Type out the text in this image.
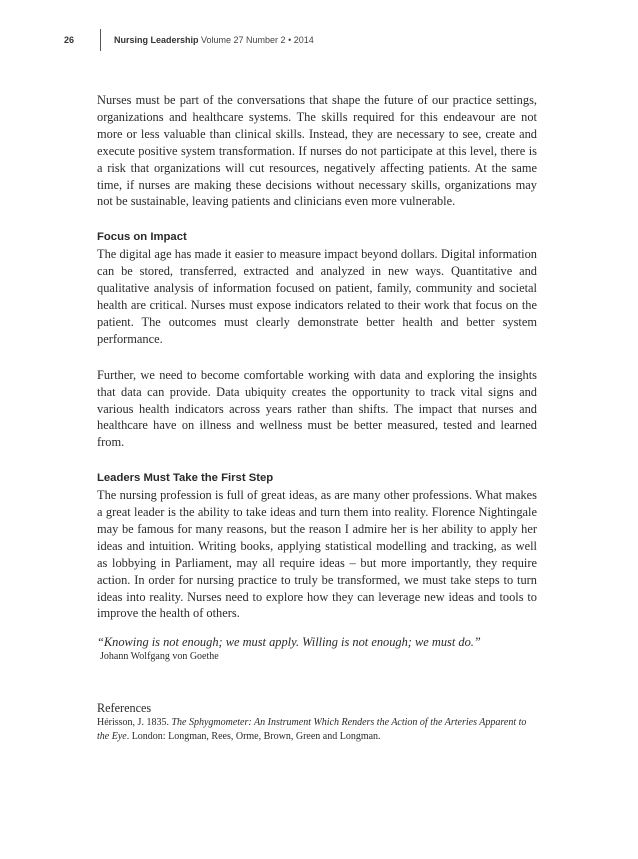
26	Nursing Leadership Volume 27 Number 2 • 2014

Nurses must be part of the conversations that shape the future of our practice settings, organizations and healthcare systems. The skills required for this endeavour are not more or less valuable than clinical skills. Instead, they are necessary to see, create and execute positive system transformation. If nurses do not participate at this level, there is a risk that organizations will cut resources, negatively affecting patients. At the same time, if nurses are making these decisions without necessary skills, organizations may not be sustainable, leaving patients and clinicians even more vulnerable.

Focus on Impact

The digital age has made it easier to measure impact beyond dollars. Digital information can be stored, transferred, extracted and analyzed in new ways. Quantitative and qualitative analysis of information focused on patient, family, community and societal health are critical. Nurses must expose indicators related to their work that focus on the patient. The outcomes must clearly demonstrate better health and better system performance.

Further, we need to become comfortable working with data and exploring the insights that data can provide. Data ubiquity creates the opportunity to track vital signs and various health indicators across years rather than shifts. The impact that nurses and healthcare have on illness and wellness must be better measured, tested and learned from.

Leaders Must Take the First Step

The nursing profession is full of great ideas, as are many other professions. What makes a great leader is the ability to take ideas and turn them into reality. Florence Nightingale may be famous for many reasons, but the reason I admire her is her ability to apply her ideas and intuition. Writing books, applying statistical modelling and tracking, as well as lobbying in Parliament, may all require ideas – but more importantly, they require action. In order for nursing practice to truly be transformed, we must take steps to turn ideas into reality. Nurses need to explore how they can leverage new ideas and tools to improve the health of others.

“Knowing is not enough; we must apply. Willing is not enough; we must do.”

Johann Wolfgang von Goethe

References

Hérisson, J. 1835. The Sphygmometer: An Instrument Which Renders the Action of the Arteries Apparent to the Eye. London: Longman, Rees, Orme, Brown, Green and Longman.
